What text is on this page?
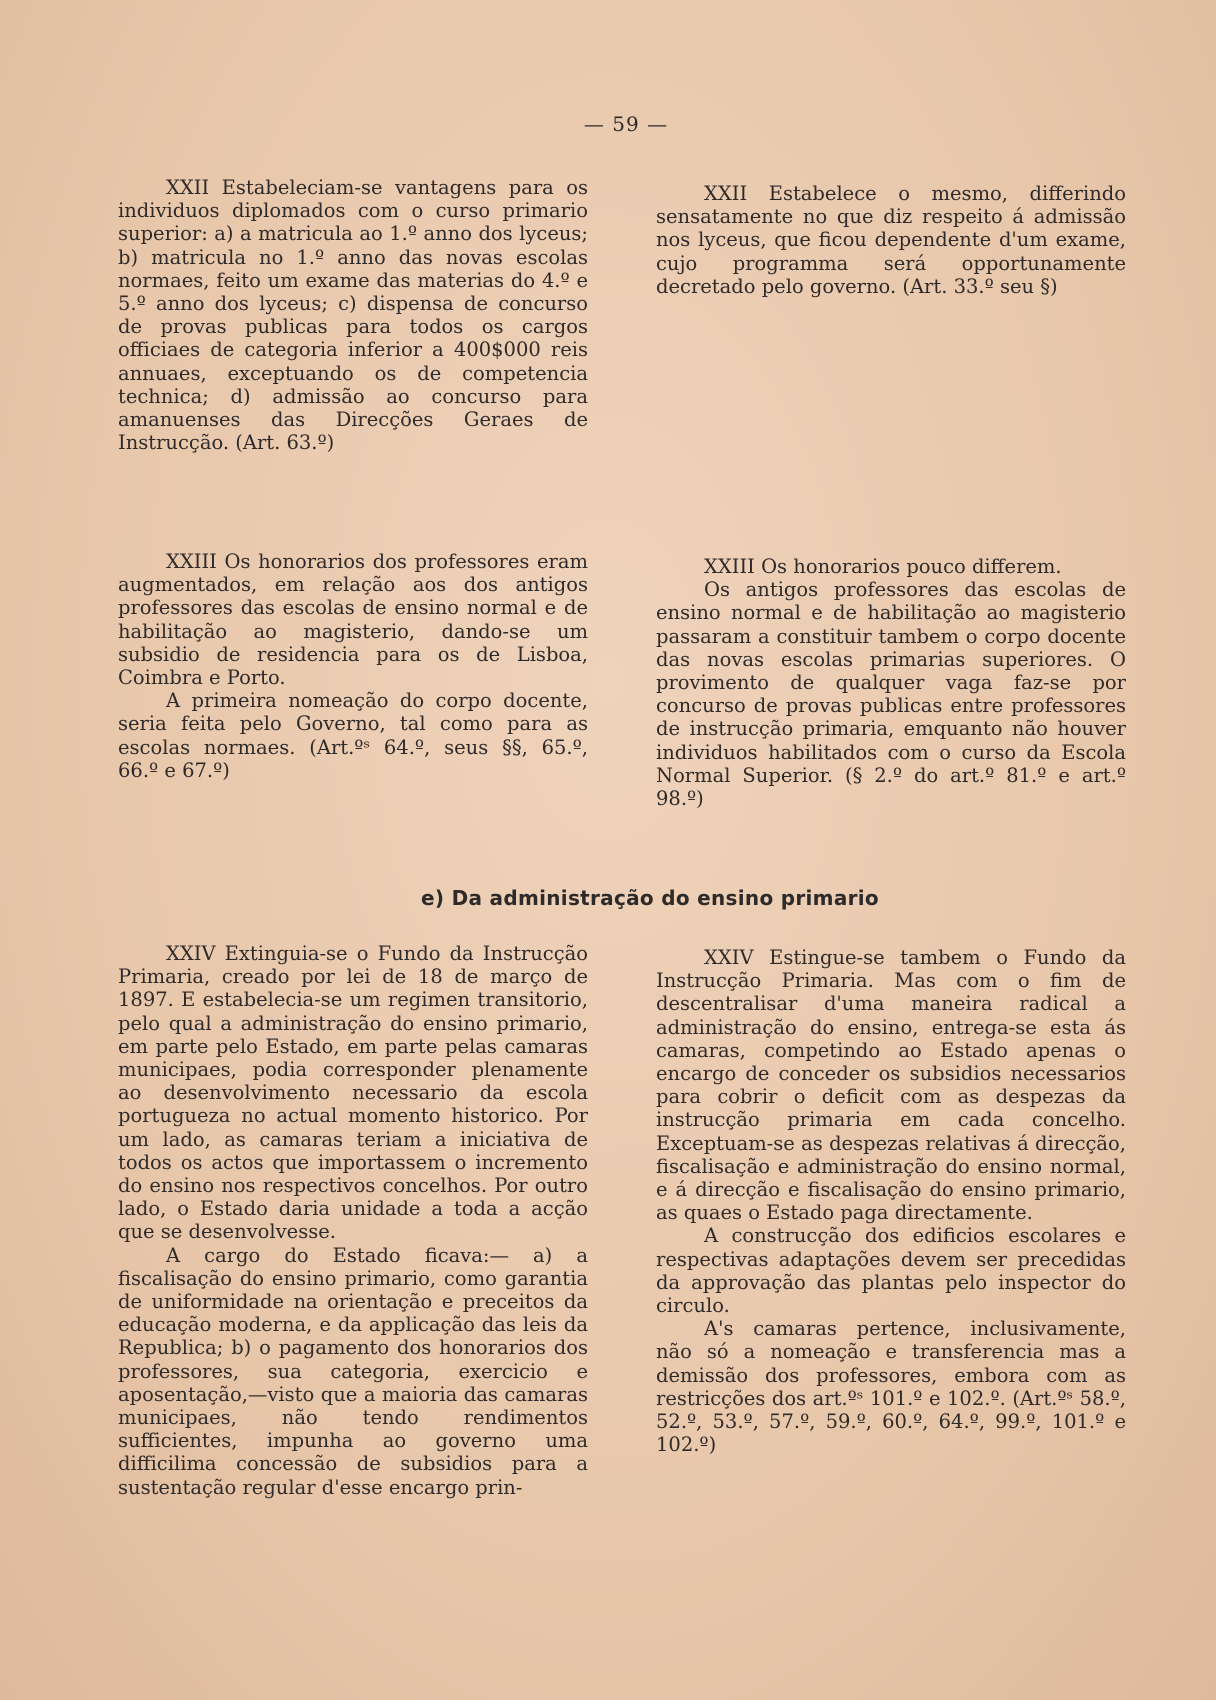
— 59 —

XXII Estabeleciam-se vantagens para os individuos diplomados com o curso primario superior: a) a matricula ao 1.º anno dos lyceus; b) matricula no 1.º anno das novas escolas normaes, feito um exame das materias do 4.º e 5.º anno dos lyceus; c) dispensa de concurso de provas publicas para todos os cargos officiaes de categoria inferior a 400$000 reis annuaes, exceptuando os de competencia technica; d) admissão ao concurso para amanuenses das Direcções Geraes de Instrucção. (Art. 63.º)

XXII Estabelece o mesmo, differindo sensatamente no que diz respeito á admissão nos lyceus, que ficou dependente d'um exame, cujo programma será opportunamente decretado pelo governo. (Art. 33.º seu §)

XXIII Os honorarios dos professores eram augmentados, em relação aos dos antigos professores das escolas de ensino normal e de habilitação ao magisterio, dando-se um subsidio de residencia para os de Lisboa, Coimbra e Porto.

A primeira nomeação do corpo docente, seria feita pelo Governo, tal como para as escolas normaes. (Art.ºˢ 64.º, seus §§, 65.º, 66.º e 67.º)

XXIII Os honorarios pouco differem.

Os antigos professores das escolas de ensino normal e de habilitação ao magisterio passaram a constituir tambem o corpo docente das novas escolas primarias superiores. O provimento de qualquer vaga faz-se por concurso de provas publicas entre professores de instrucção primaria, emquanto não houver individuos habilitados com o curso da Escola Normal Superior. (§ 2.º do art.º 81.º e art.º 98.º)

e) Da administração do ensino primario

XXIV Extinguia-se o Fundo da Instrucção Primaria, creado por lei de 18 de março de 1897. E estabelecia-se um regimen transitorio, pelo qual a administração do ensino primario, em parte pelo Estado, em parte pelas camaras municipaes, podia corresponder plenamente ao desenvolvimento necessario da escola portugueza no actual momento historico. Por um lado, as camaras teriam a iniciativa de todos os actos que importassem o incremento do ensino nos respectivos concelhos. Por outro lado, o Estado daria unidade a toda a acção que se desenvolvesse.

A cargo do Estado ficava:— a) a fiscalisação do ensino primario, como garantia de uniformidade na orientação e preceitos da educação moderna, e da applicação das leis da Republica; b) o pagamento dos honorarios dos professores, sua categoria, exercicio e aposentação,—visto que a maioria das camaras municipaes, não tendo rendimentos sufficientes, impunha ao governo uma difficilima concessão de subsidios para a sustentação regular d'esse encargo prin-

XXIV Estingue-se tambem o Fundo da Instrucção Primaria. Mas com o fim de descentralisar d'uma maneira radical a administração do ensino, entrega-se esta ás camaras, competindo ao Estado apenas o encargo de conceder os subsidios necessarios para cobrir o deficit com as despezas da instrucção primaria em cada concelho. Exceptuam-se as despezas relativas á direcção, fiscalisação e administração do ensino normal, e á direcção e fiscalisação do ensino primario, as quaes o Estado paga directamente.

A construcção dos edificios escolares e respectivas adaptações devem ser precedidas da approvação das plantas pelo inspector do circulo.

A's camaras pertence, inclusivamente, não só a nomeação e transferencia mas a demissão dos professores, embora com as restricções dos art.ºˢ 101.º e 102.º. (Art.ºˢ 58.º, 52.º, 53.º, 57.º, 59.º, 60.º, 64.º, 99.º, 101.º e 102.º)
